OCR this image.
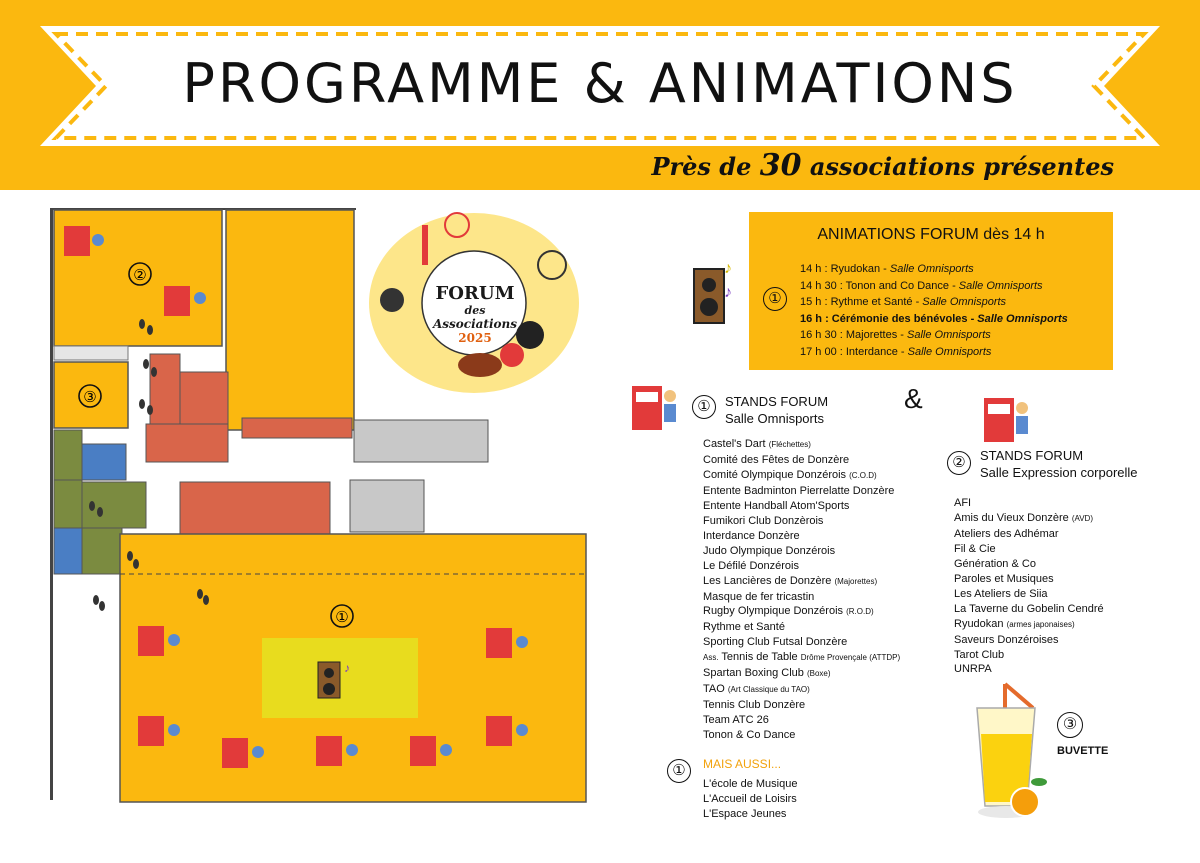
PROGRAMME & ANIMATIONS
Près de 30 associations présentes
②
③
①
♪
FORUM
des
Associations
2025
ANIMATIONS FORUM dès 14 h
14 h : Ryudokan - Salle Omnisports
14 h 30 : Tonon and Co Dance - Salle Omnisports
15 h : Rythme et Santé - Salle Omnisports
16 h : Cérémonie des bénévoles - Salle Omnisports
16 h 30 : Majorettes - Salle Omnisports
17 h 00 : Interdance - Salle Omnisports
①
♪
♪
①	STANDS FORUM
Salle Omnisports
&
Castel's Dart (Fléchettes)
Comité des Fêtes de Donzère
Comité Olympique Donzérois (C.O.D)
Entente Badminton Pierrelatte Donzère
Entente Handball Atom'Sports
Fumikori Club Donzèrois
Interdance Donzère
Judo Olympique Donzérois
Le Défilé Donzérois
Les Lancières de Donzère (Majorettes)
Masque de fer tricastin
Rugby Olympique Donzérois (R.O.D)
Rythme et Santé
Sporting Club Futsal Donzère
Ass. Tennis de Table Drôme Provençale (ATTDP)
Spartan Boxing Club (Boxe)
TAO (Art Classique du TAO)
Tennis Club Donzère
Team ATC 26
Tonon & Co Dance
②	STANDS FORUM
Salle Expression corporelle
AFI
Amis du Vieux Donzère (AVD)
Ateliers des Adhémar
Fil & Cie
Génération & Co
Paroles et Musiques
Les Ateliers de Siia
La Taverne du Gobelin Cendré
Ryudokan (armes japonaises)
Saveurs Donzéroises
Tarot Club
UNRPA
①	MAIS AUSSI...
L'école de Musique
L'Accueil de Loisirs
L'Espace Jeunes
③
BUVETTE
